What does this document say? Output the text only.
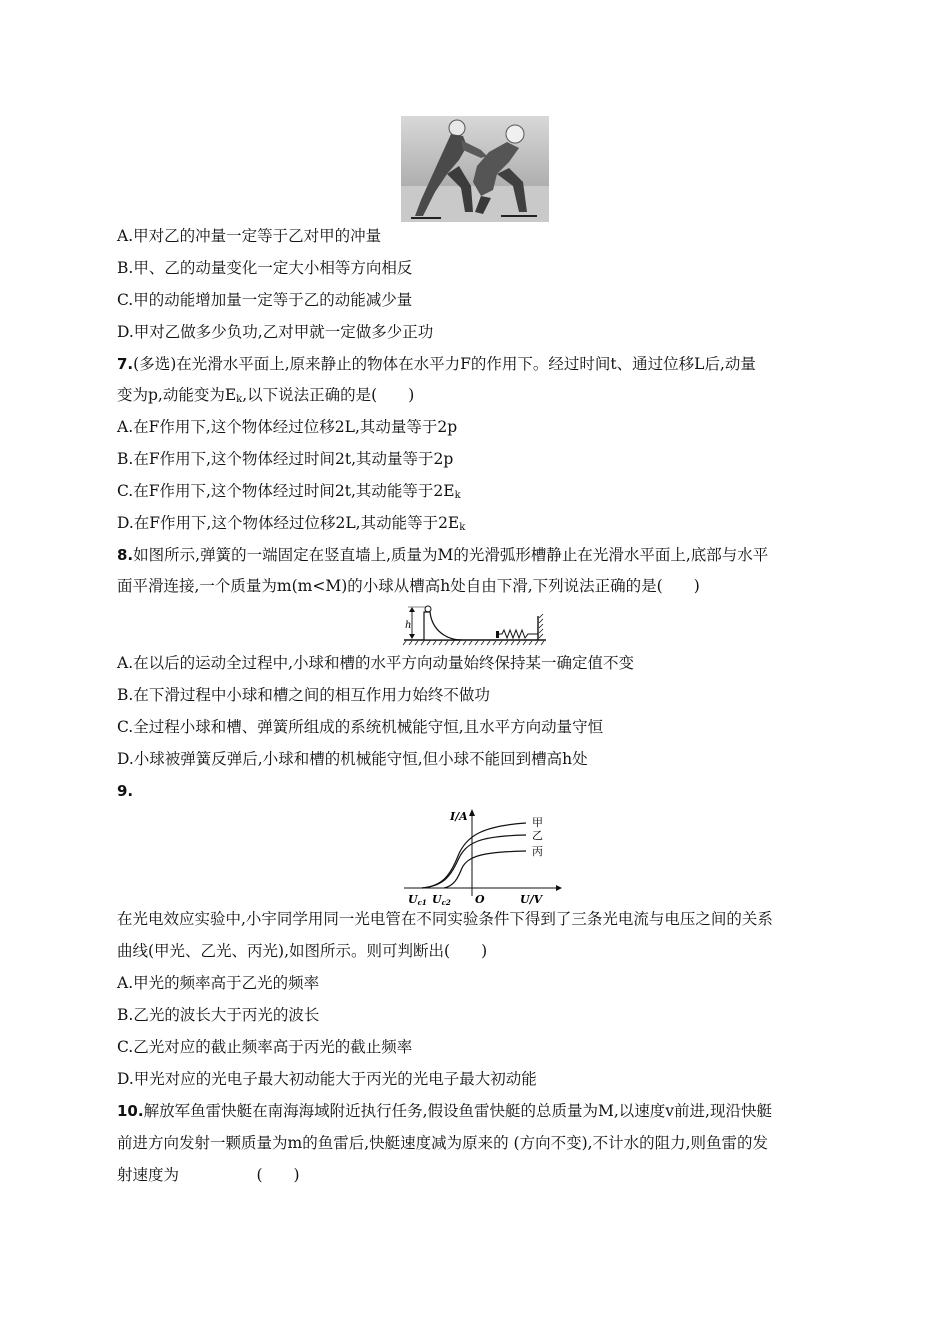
A.甲对乙的冲量一定等于乙对甲的冲量
B.甲、乙的动量变化一定大小相等方向相反
C.甲的动能增加量一定等于乙的动能减少量
D.甲对乙做多少负功,乙对甲就一定做多少正功
7.(多选)在光滑水平面上,原来静止的物体在水平力F的作用下。经过时间t、通过位移L后,动量
变为p,动能变为$E_k$,以下说法正确的是(　　)
A.在F作用下,这个物体经过位移2L,其动量等于2p
B.在F作用下,这个物体经过时间2t,其动量等于2p
C.在F作用下,这个物体经过时间2t,其动能等于$2E_k$
D.在F作用下,这个物体经过位移2L,其动能等于$2E_k$
8.如图所示,弹簧的一端固定在竖直墙上,质量为M的光滑弧形槽静止在光滑水平面上,底部与水平
面平滑连接,一个质量为m(m<M)的小球从槽高h处自由下滑,下列说法正确的是(　　)
h
A.在以后的运动全过程中,小球和槽的水平方向动量始终保持某一确定值不变
B.在下滑过程中小球和槽之间的相互作用力始终不做功
C.全过程小球和槽、弹簧所组成的系统机械能守恒,且水平方向动量守恒
D.小球被弹簧反弹后,小球和槽的机械能守恒,但小球不能回到槽高h处
9.
I/A
U/V
O
Uc1 Uc2
甲
乙
丙
在光电效应实验中,小宇同学用同一光电管在不同实验条件下得到了三条光电流与电压之间的关系
曲线(甲光、乙光、丙光),如图所示。则可判断出(　　)
A.甲光的频率高于乙光的频率
B.乙光的波长大于丙光的波长
C.乙光对应的截止频率高于丙光的截止频率
D.甲光对应的光电子最大初动能大于丙光的光电子最大初动能
10.解放军鱼雷快艇在南海海域附近执行任务,假设鱼雷快艇的总质量为M,以速度v前进,现沿快艇
前进方向发射一颗质量为m的鱼雷后,快艇速度减为原来的 (方向不变),不计水的阻力,则鱼雷的发
射速度为　　　　　(　　)
